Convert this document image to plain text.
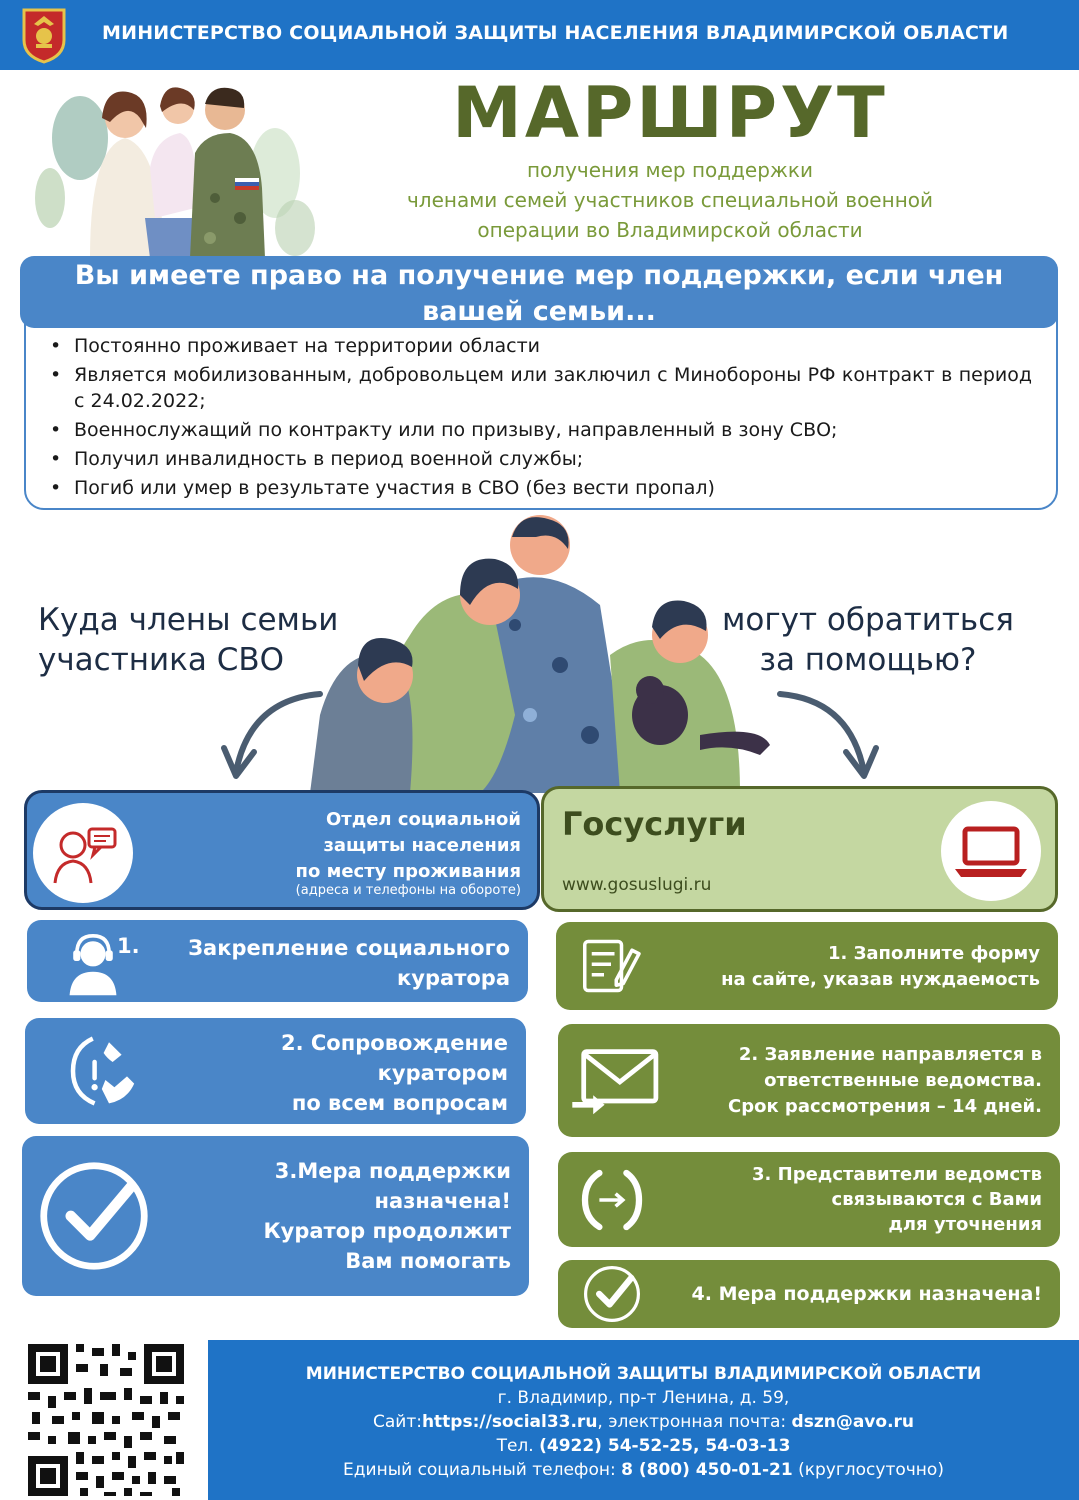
МИНИСТЕРСТВО СОЦИАЛЬНОЙ ЗАЩИТЫ НАСЕЛЕНИЯ ВЛАДИМИРСКОЙ ОБЛАСТИ
МАРШРУТ
получения мер поддержки
членами семей участников специальной военной
операции во Владимирской области
Вы имеете право на получение мер поддержки, если член
вашей семьи...
• Постоянно проживает на территории области
• Является мобилизованным, добровольцем или заключил с Минобороны РФ контракт в период с 24.02.2022;
• Военнослужащий по контракту или по призыву, направленный в зону СВО;
• Получил инвалидность в период военной службы;
• Погиб или умер в результате участия в СВО (без вести пропал)
Куда члены семьи
участника СВО
могут обратиться
за помощью?
Отдел социальной
защиты населения
по месту проживания
(адреса и телефоны на обороте)
Госуслуги
www.gosuslugi.ru
1. Закрепление социального
куратора
2. Сопровождение
куратором
по всем вопросам
3.Мера поддержки
назначена!
Куратор продолжит
Вам помогать
1. Заполните форму
на сайте, указав нуждаемость
2. Заявление направляется в
ответственные ведомства.
Срок рассмотрения – 14 дней.
3. Представители ведомств
связываются с Вами
для уточнения
4. Мера поддержки назначена!
МИНИСТЕРСТВО СОЦИАЛЬНОЙ ЗАЩИТЫ ВЛАДИМИРСКОЙ ОБЛАСТИ
г. Владимир, пр-т Ленина, д. 59,
Сайт:https://social33.ru, электронная почта: dszn@avo.ru
Тел. (4922) 54-52-25, 54-03-13
Единый социальный телефон: 8 (800) 450-01-21 (круглосуточно)
